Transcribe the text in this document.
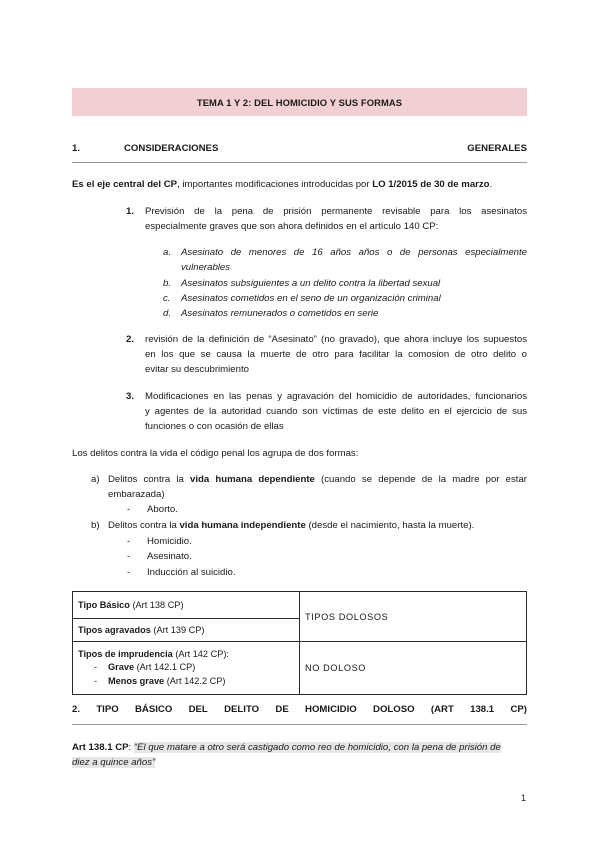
TEMA 1 Y 2: DEL HOMICIDIO Y SUS FORMAS
1.	CONSIDERACIONES	GENERALES
Es el eje central del CP, importantes modificaciones introducidas por LO 1/2015 de 30 de marzo.
1. Previsión de la pena de prisión permanente revisable para los asesinatos
especialmente graves que son ahora definidos en el artículo 140 CP:
a. Asesinato de menores de 16 años años o de personas especialmente
vulnerables
b. Asesinatos subsiguientes a un delito contra la libertad sexual
c. Asesinatos cometidos en el seno de un organización criminal
d. Asesinatos remunerados o cometidos en serie
2. revisión de la definición de “Asesinato” (no gravado), que ahora incluye los supuestos
en los que se causa la muerte de otro para facilitar la comosion de otro delito o
evitar su descubrimiento
3. Modificaciones en las penas y agravación del homicidio de autoridades, funcionarios
y agentes de la autoridad cuando son víctimas de este delito en el ejercicio de sus
funciones o con ocasión de ellas
Los delitos contra la vida el código penal los agrupa de dos formas:
a) Delitos contra la vida humana dependiente (cuando se depende de la madre por estar
embarazada)
- Aborto.
b) Delitos contra la vida humana independiente (desde el nacimiento, hasta la muerte).
- Homicidio.
- Asesinato.
- Inducción al suicidio.
Tipo Básico (Art 138 CP)	TIPOS DOLOSOS
Tipos agravados (Art 139 CP)	

Tipos de imprudencia (Art 142 CP):
- Grave (Art 142.1 CP)
- Menos grave (Art 142.2 CP)	NO DOLOSO
2. TIPO BÁSICO DEL DELITO DE HOMICIDIO DOLOSO (ART 138.1 CP)
Art 138.1 CP: “El que matare a otro será castigado como reo de homicidio, con la pena de prisión de
diez a quince años”
1
